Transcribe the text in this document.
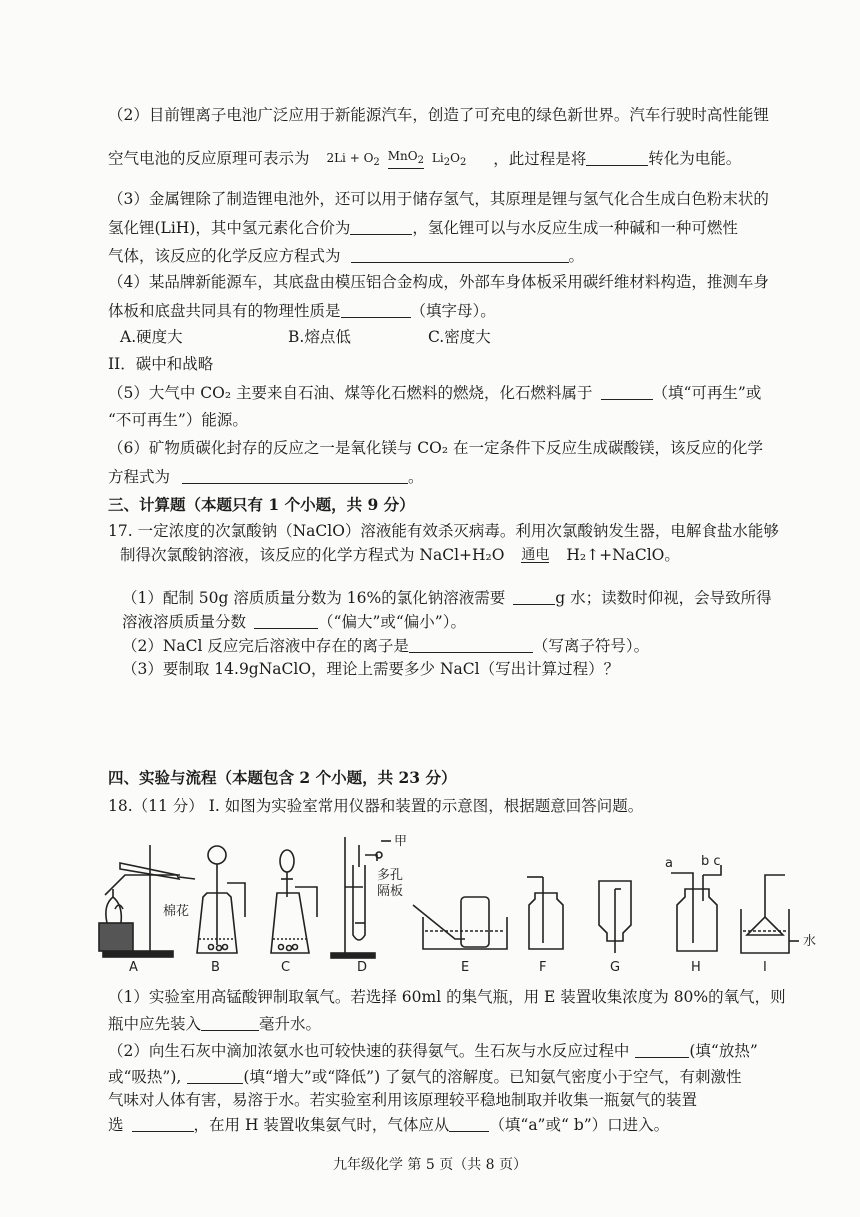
（2）目前锂离子电池广泛应用于新能源汽车，创造了可充电的绿色新世界。汽车行驶时高性能锂
空气电池的反应原理可表示为 $2Li + O_2$ MnO$_2$ $Li_2O_2$ ，此过程是将	转化为电能。
（3）金属锂除了制造锂电池外，还可以用于储存氢气，其原理是锂与氢气化合生成白色粉末状的
氢化锂(LiH)，其中氢元素化合价为	，氢化锂可以与水反应生成一种碱和一种可燃性
气体，该反应的化学反应方程式为	。
（4）某品牌新能源车，其底盘由模压铝合金构成，外部车身体板采用碳纤维材料构造，推测车身
体板和底盘共同具有的物理性质是	（填字母）。
A.硬度大	B.熔点低	C.密度大
II．碳中和战略
（5）大气中 CO₂ 主要来自石油、煤等化石燃料的燃烧，化石燃料属于	（填“可再生”或
“不可再生”）能源。
（6）矿物质碳化封存的反应之一是氧化镁与 CO₂ 在一定条件下反应生成碳酸镁，该反应的化学
方程式为	。
三、计算题（本题只有 1 个小题，共 9 分）
17. 一定浓度的次氯酸钠（NaClO）溶液能有效杀灭病毒。利用次氯酸钠发生器，电解食盐水能够
制得次氯酸钠溶液，该反应的化学方程式为 NaCl+H₂O 通电 H₂↑+NaClO。
（1）配制 50g 溶质质量分数为 16%的氯化钠溶液需要	g 水；读数时仰视，会导致所得
溶液溶质质量分数	（“偏大”或“偏小”）。
（2）NaCl 反应完后溶液中存在的离子是	（写离子符号）。
（3）要制取 14.9gNaClO，理论上需要多少 NaCl（写出计算过程）？
四、实验与流程（本题包含 2 个小题，共 23 分）
18.（11 分） I. 如图为实验室常用仪器和装置的示意图，根据题意回答问题。
A
棉花
B	C
甲
多孔
隔板
D	E	F	G
a b c
H
水
I
（1）实验室用高锰酸钾制取氧气。若选择 60ml 的集气瓶，用 E 装置收集浓度为 80%的氧气，则
瓶中应先装入	毫升水。
（2）向生石灰中滴加浓氨水也可较快速的获得氨气。生石灰与水反应过程中	(填“放热”
或“吸热”),	(填“增大”或“降低”) 了氨气的溶解度。已知氨气密度小于空气，有刺激性
气味对人体有害，易溶于水。若实验室利用该原理较平稳地制取并收集一瓶氨气的装置
选	，在用 H 装置收集氨气时，气体应从	（填“a”或“ b”）口进入。
九年级化学 第 5 页（共 8 页）
